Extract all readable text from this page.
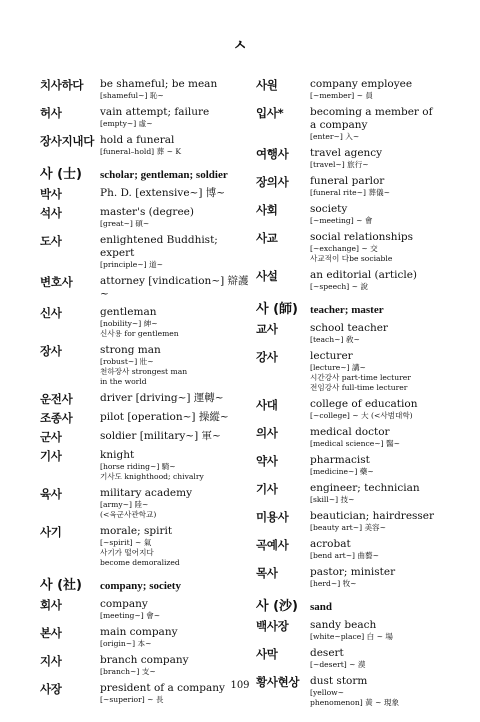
ㅅ
치사하다	be shameful; be mean
[shameful~] 恥~
허사	vain attempt; failure
[empty~] 虛~
장사지내다 hold a funeral
[funeral–hold] 葬 ~ K
사 (士)	scholar; gentleman; soldier
박사	Ph. D. [extensive~] 博~
석사	master's (degree)
[great~] 碩~
도사	enlightened Buddhist;
expert
[principle~] 道~
변호사	attorney [vindication~] 辯護~
신사	gentleman
[nobility~] 紳~
신사용 for gentlemen
장사	strong man
[robust~] 壯~
천하장사 strongest man
in the world
운전사	driver [driving~] 運轉~
조종사	pilot [operation~] 操縱~
군사	soldier [military~] 軍~
기사	knight
[horse riding~] 騎~
기사도 knighthood; chivalry
육사	military academy
[army~] 陸~
(<육군사관학교)
사기	morale; spirit
[~spirit] ~ 氣
사기가 떨어지다
become demoralized
사 (社)	company; society
회사	company
[meeting~] 會~
본사	main company
[origin~] 本~
지사	branch company
[branch~] 支~
사장	president of a company
[~superior] ~ 長
사원	company employee
[~member] ~ 員
입사*	becoming a member of
a company
[enter~] 入~
여행사	travel agency
[travel~] 旅行~
장의사	funeral parlor
[funeral rite~] 葬儀~
사회	society
[~meeting] ~ 會
사교	social relationships
[~exchange] ~ 交
사교적이 다be sociable
사설	an editorial (article)
[~speech] ~ 說
사 (師)	teacher; master
교사	school teacher
[teach~] 敎~
강사	lecturer
[lecture~] 講~
시간강사 part-time lecturer
전임강사 full-time lecturer
사대	college of education
[~college] ~ 大 (<사범대학)
의사	medical doctor
[medical science~] 醫~
약사	pharmacist
[medicine~] 藥~
기사	engineer; technician
[skill~] 技~
미용사	beautician; hairdresser
[beauty art~] 美容~
곡예사	acrobat
[bend art~] 曲藝~
목사	pastor; minister
[herd~] 牧~
사 (沙)	sand
백사장	sandy beach
[white~place] 白 ~ 場
사막	desert
[~desert] ~ 漠
황사현상	dust storm
[yellow~
phenomenon] 黃 ~ 現象
109
